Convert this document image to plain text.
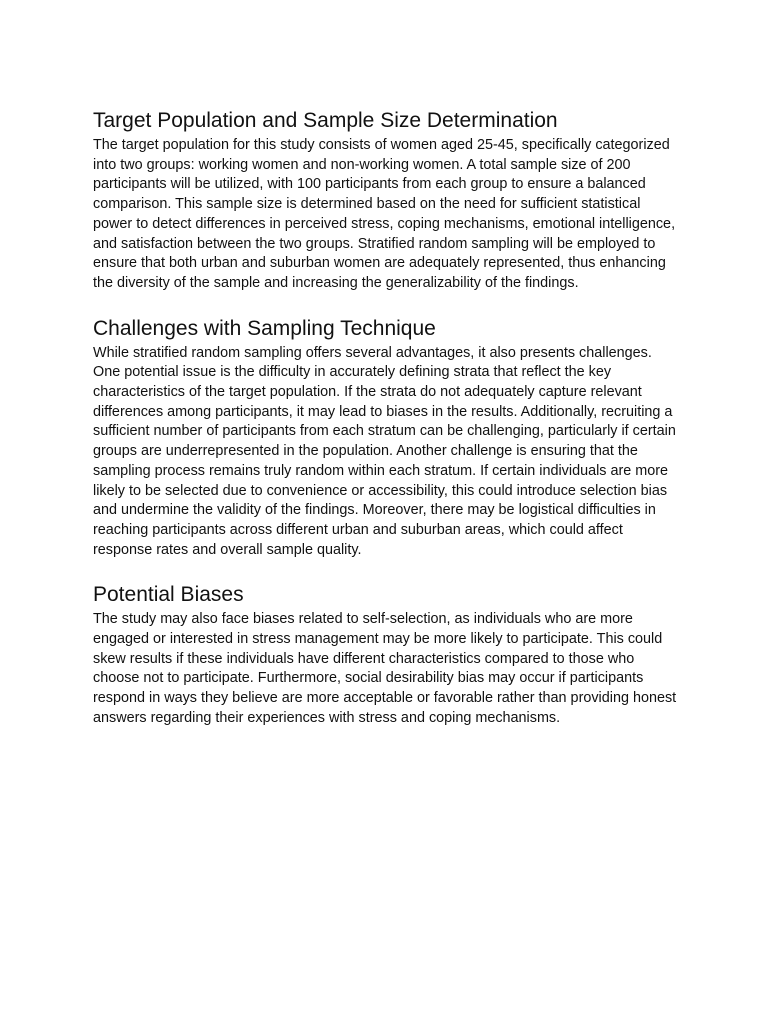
Target Population and Sample Size Determination

The target population for this study consists of women aged 25-45, specifically categorized into two groups: working women and non-working women. A total sample size of 200 participants will be utilized, with 100 participants from each group to ensure a balanced comparison. This sample size is determined based on the need for sufficient statistical power to detect differences in perceived stress, coping mechanisms, emotional intelligence, and satisfaction between the two groups. Stratified random sampling will be employed to ensure that both urban and suburban women are adequately represented, thus enhancing the diversity of the sample and increasing the generalizability of the findings.

Challenges with Sampling Technique

While stratified random sampling offers several advantages, it also presents challenges. One potential issue is the difficulty in accurately defining strata that reflect the key characteristics of the target population. If the strata do not adequately capture relevant differences among participants, it may lead to biases in the results. Additionally, recruiting a sufficient number of participants from each stratum can be challenging, particularly if certain groups are underrepresented in the population. Another challenge is ensuring that the sampling process remains truly random within each stratum. If certain individuals are more likely to be selected due to convenience or accessibility, this could introduce selection bias and undermine the validity of the findings. Moreover, there may be logistical difficulties in reaching participants across different urban and suburban areas, which could affect response rates and overall sample quality.

Potential Biases

The study may also face biases related to self-selection, as individuals who are more engaged or interested in stress management may be more likely to participate. This could skew results if these individuals have different characteristics compared to those who choose not to participate. Furthermore, social desirability bias may occur if participants respond in ways they believe are more acceptable or favorable rather than providing honest answers regarding their experiences with stress and coping mechanisms.
